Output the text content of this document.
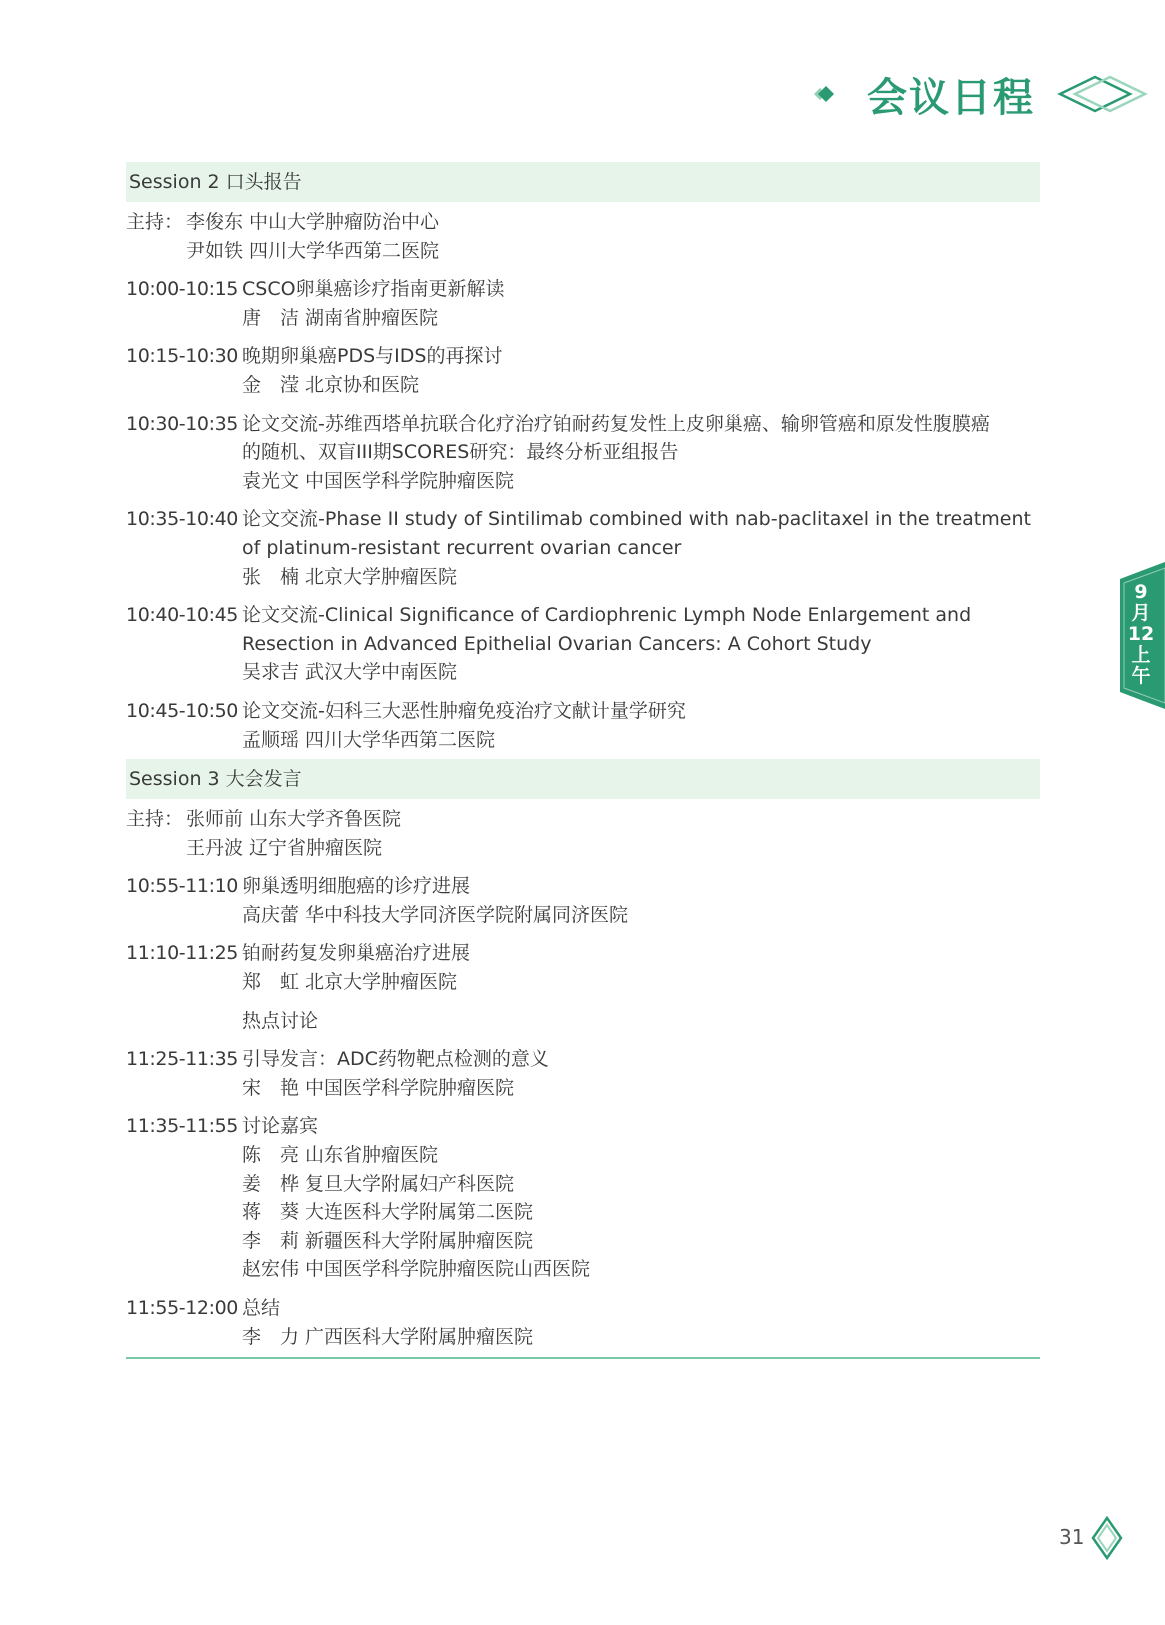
会议日程
Session 2 口头报告
主持： 李俊东 中山大学肿瘤防治中心
尹如铁 四川大学华西第二医院
10:00-10:15 CSCO卵巢癌诊疗指南更新解读
唐　洁 湖南省肿瘤医院
10:15-10:30 晚期卵巢癌PDS与IDS的再探讨
金　滢 北京协和医院
10:30-10:35 论文交流-苏维西塔单抗联合化疗治疗铂耐药复发性上皮卵巢癌、输卵管癌和原发性腹膜癌
的随机、双盲III期SCORES研究：最终分析亚组报告
袁光文 中国医学科学院肿瘤医院
10:35-10:40 论文交流-Phase II study of Sintilimab combined with nab-paclitaxel in the treatment
of platinum-resistant recurrent ovarian cancer
张　楠 北京大学肿瘤医院
10:40-10:45 论文交流-Clinical Significance of Cardiophrenic Lymph Node Enlargement and
Resection in Advanced Epithelial Ovarian Cancers: A Cohort Study
吴求吉 武汉大学中南医院
10:45-10:50 论文交流-妇科三大恶性肿瘤免疫治疗文献计量学研究
孟顺瑶 四川大学华西第二医院
Session 3 大会发言
主持： 张师前 山东大学齐鲁医院
王丹波 辽宁省肿瘤医院
10:55-11:10 卵巢透明细胞癌的诊疗进展
高庆蕾 华中科技大学同济医学院附属同济医院
11:10-11:25 铂耐药复发卵巢癌治疗进展
郑　虹 北京大学肿瘤医院
热点讨论
11:25-11:35 引导发言：ADC药物靶点检测的意义
宋　艳 中国医学科学院肿瘤医院
11:35-11:55 讨论嘉宾
陈　亮 山东省肿瘤医院
姜　桦 复旦大学附属妇产科医院
蒋　葵 大连医科大学附属第二医院
李　莉 新疆医科大学附属肿瘤医院
赵宏伟 中国医学科学院肿瘤医院山西医院
11:55-12:00 总结
李　力 广西医科大学附属肿瘤医院
9
月
12
上
午
31
